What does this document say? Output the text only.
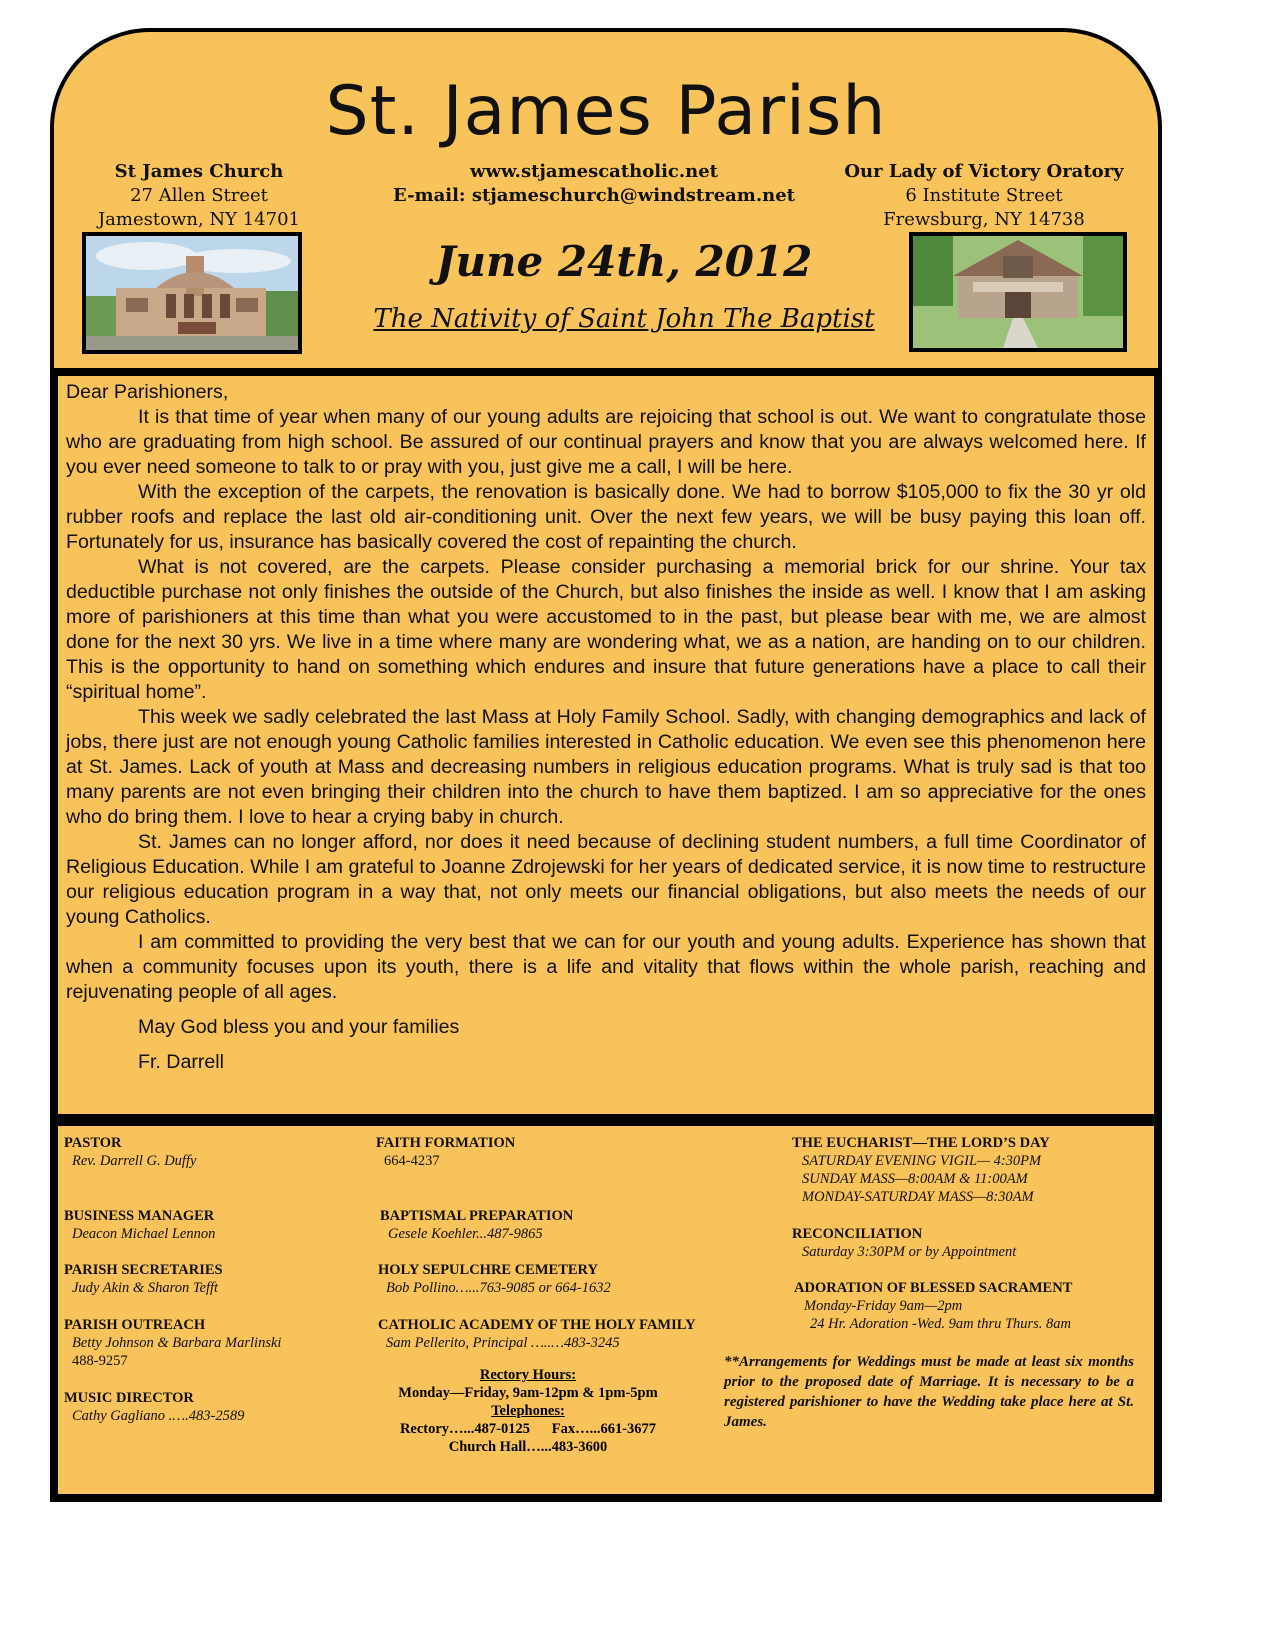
St. James Parish
St James Church
27 Allen Street
Jamestown, NY 14701
www.stjamescatholic.net
E-mail: stjameschurch@windstream.net
Our Lady of Victory Oratory
6 Institute Street
Frewsburg, NY 14738
June 24th, 2012
The Nativity of Saint John The Baptist

Dear Parishioners,

It is that time of year when many of our young adults are rejoicing that school is out. We want to congratulate those who are graduating from high school. Be assured of our continual prayers and know that you are always welcomed here. If you ever need someone to talk to or pray with you, just give me a call, I will be here.

With the exception of the carpets, the renovation is basically done. We had to borrow $105,000 to fix the 30 yr old rubber roofs and replace the last old air-conditioning unit. Over the next few years, we will be busy paying this loan off. Fortunately for us, insurance has basically covered the cost of repainting the church.

What is not covered, are the carpets. Please consider purchasing a memorial brick for our shrine. Your tax deductible purchase not only finishes the outside of the Church, but also finishes the inside as well. I know that I am asking more of parishioners at this time than what you were accustomed to in the past, but please bear with me, we are almost done for the next 30 yrs. We live in a time where many are wondering what, we as a nation, are handing on to our children. This is the opportunity to hand on something which endures and insure that future generations have a place to call their “spiritual home”.

This week we sadly celebrated the last Mass at Holy Family School. Sadly, with changing demographics and lack of jobs, there just are not enough young Catholic families interested in Catholic education. We even see this phenomenon here at St. James. Lack of youth at Mass and decreasing numbers in religious education programs. What is truly sad is that too many parents are not even bringing their children into the church to have them baptized. I am so appreciative for the ones who do bring them. I love to hear a crying baby in church.

St. James can no longer afford, nor does it need because of declining student numbers, a full time Coordinator of Religious Education. While I am grateful to Joanne Zdrojewski for her years of dedicated service, it is now time to restructure our religious education program in a way that, not only meets our financial obligations, but also meets the needs of our young Catholics.

I am committed to providing the very best that we can for our youth and young adults. Experience has shown that when a community focuses upon its youth, there is a life and vitality that flows within the whole parish, reaching and rejuvenating people of all ages.

May God bless you and your families

Fr. Darrell

PASTOR
Rev. Darrell G. Duffy
BUSINESS MANAGER
Deacon Michael Lennon
PARISH SECRETARIES
Judy Akin & Sharon Tefft
PARISH OUTREACH
Betty Johnson & Barbara Marlinski
488-9257
MUSIC DIRECTOR
Cathy Gagliano .….483-2589
FAITH FORMATION
664-4237
BAPTISMAL PREPARATION
Gesele Koehler...487-9865
HOLY SEPULCHRE CEMETERY
Bob Pollino…...763-9085 or 664-1632
CATHOLIC ACADEMY OF THE HOLY FAMILY
Sam Pellerito, Principal …..…483-3245
Rectory Hours:
Monday—Friday, 9am-12pm & 1pm-5pm
Telephones:
Rectory…...487-0125      Fax…...661-3677
Church Hall…...483-3600
THE EUCHARIST—THE LORD’S DAY
SATURDAY EVENING VIGIL— 4:30PM
SUNDAY MASS—8:00AM & 11:00AM
MONDAY-SATURDAY MASS—8:30AM
RECONCILIATION
Saturday 3:30PM or by Appointment
ADORATION OF BLESSED SACRAMENT
Monday-Friday 9am—2pm
24 Hr. Adoration -Wed. 9am thru Thurs. 8am
**Arrangements for Weddings must be made at least six months prior to the proposed date of Marriage. It is necessary to be a registered parishioner to have the Wedding take place here at St. James.
